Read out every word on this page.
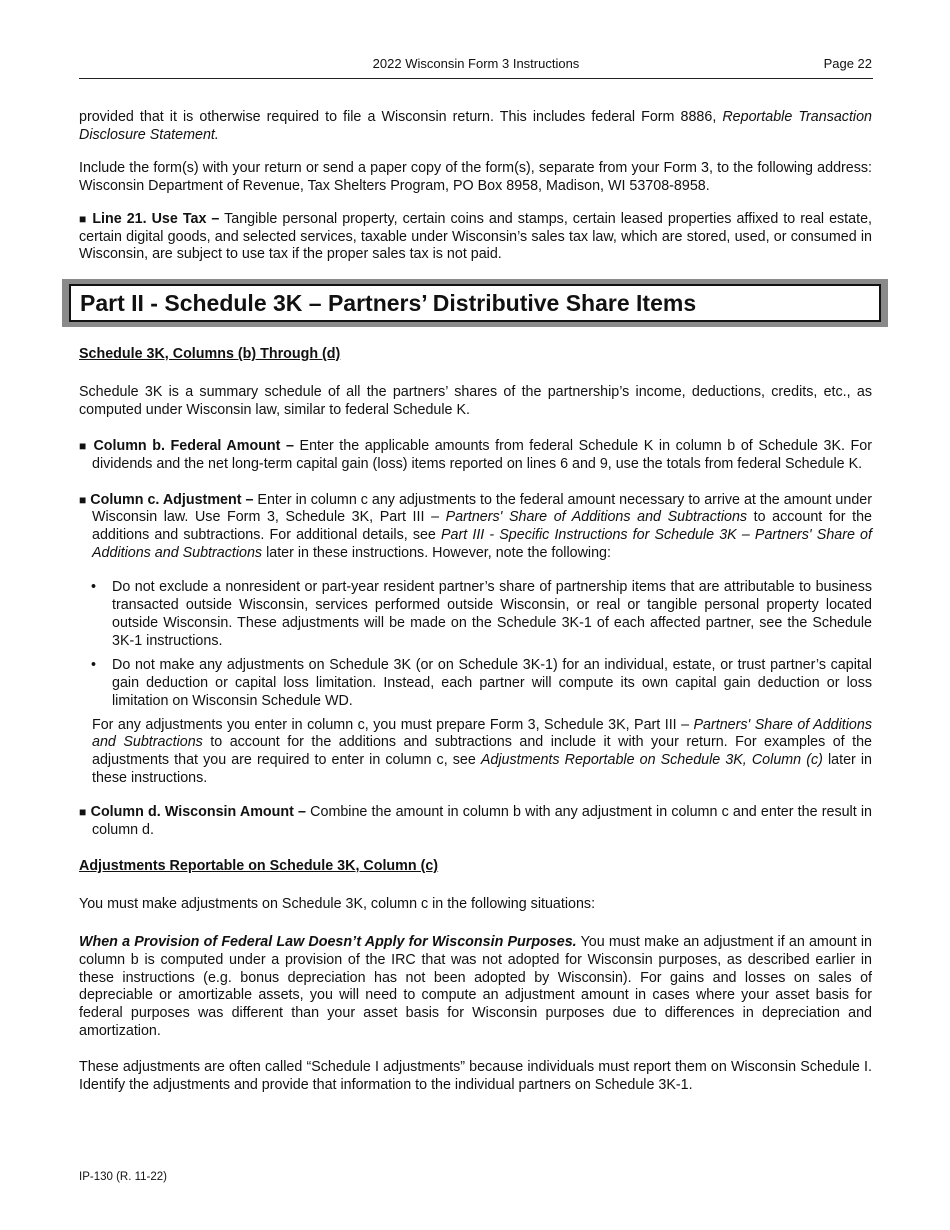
2022 Wisconsin Form 3 Instructions	Page 22

provided that it is otherwise required to file a Wisconsin return. This includes federal Form 8886, Reportable Transaction Disclosure Statement.

Include the form(s) with your return or send a paper copy of the form(s), separate from your Form 3, to the following address: Wisconsin Department of Revenue, Tax Shelters Program, PO Box 8958, Madison, WI 53708-8958.

■ Line 21. Use Tax – Tangible personal property, certain coins and stamps, certain leased properties affixed to real estate, certain digital goods, and selected services, taxable under Wisconsin’s sales tax law, which are stored, used, or consumed in Wisconsin, are subject to use tax if the proper sales tax is not paid.

Part II - Schedule 3K – Partners’ Distributive Share Items

Schedule 3K, Columns (b) Through (d)

Schedule 3K is a summary schedule of all the partners’ shares of the partnership’s income, deductions, credits, etc., as computed under Wisconsin law, similar to federal Schedule K.

■ Column b. Federal Amount – Enter the applicable amounts from federal Schedule K in column b of Schedule 3K. For dividends and the net long-term capital gain (loss) items reported on lines 6 and 9, use the totals from federal Schedule K.

■ Column c. Adjustment – Enter in column c any adjustments to the federal amount necessary to arrive at the amount under Wisconsin law. Use Form 3, Schedule 3K, Part III – Partners' Share of Additions and Subtractions to account for the additions and subtractions. For additional details, see Part III - Specific Instructions for Schedule 3K – Partners' Share of Additions and Subtractions later in these instructions. However, note the following:

• Do not exclude a nonresident or part-year resident partner’s share of partnership items that are attributable to business transacted outside Wisconsin, services performed outside Wisconsin, or real or tangible personal property located outside Wisconsin. These adjustments will be made on the Schedule 3K-1 of each affected partner, see the Schedule 3K-1 instructions.
• Do not make any adjustments on Schedule 3K (or on Schedule 3K-1) for an individual, estate, or trust partner’s capital gain deduction or capital loss limitation. Instead, each partner will compute its own capital gain deduction or loss limitation on Wisconsin Schedule WD.

For any adjustments you enter in column c, you must prepare Form 3, Schedule 3K, Part III – Partners' Share of Additions and Subtractions to account for the additions and subtractions and include it with your return. For examples of the adjustments that you are required to enter in column c, see Adjustments Reportable on Schedule 3K, Column (c) later in these instructions.

■ Column d. Wisconsin Amount – Combine the amount in column b with any adjustment in column c and enter the result in column d.

Adjustments Reportable on Schedule 3K, Column (c)

You must make adjustments on Schedule 3K, column c in the following situations:

When a Provision of Federal Law Doesn’t Apply for Wisconsin Purposes. You must make an adjustment if an amount in column b is computed under a provision of the IRC that was not adopted for Wisconsin purposes, as described earlier in these instructions (e.g. bonus depreciation has not been adopted by Wisconsin). For gains and losses on sales of depreciable or amortizable assets, you will need to compute an adjustment amount in cases where your asset basis for federal purposes was different than your asset basis for Wisconsin purposes due to differences in depreciation and amortization.

These adjustments are often called “Schedule I adjustments” because individuals must report them on Wisconsin Schedule I. Identify the adjustments and provide that information to the individual partners on Schedule 3K-1.

IP-130 (R. 11-22)
